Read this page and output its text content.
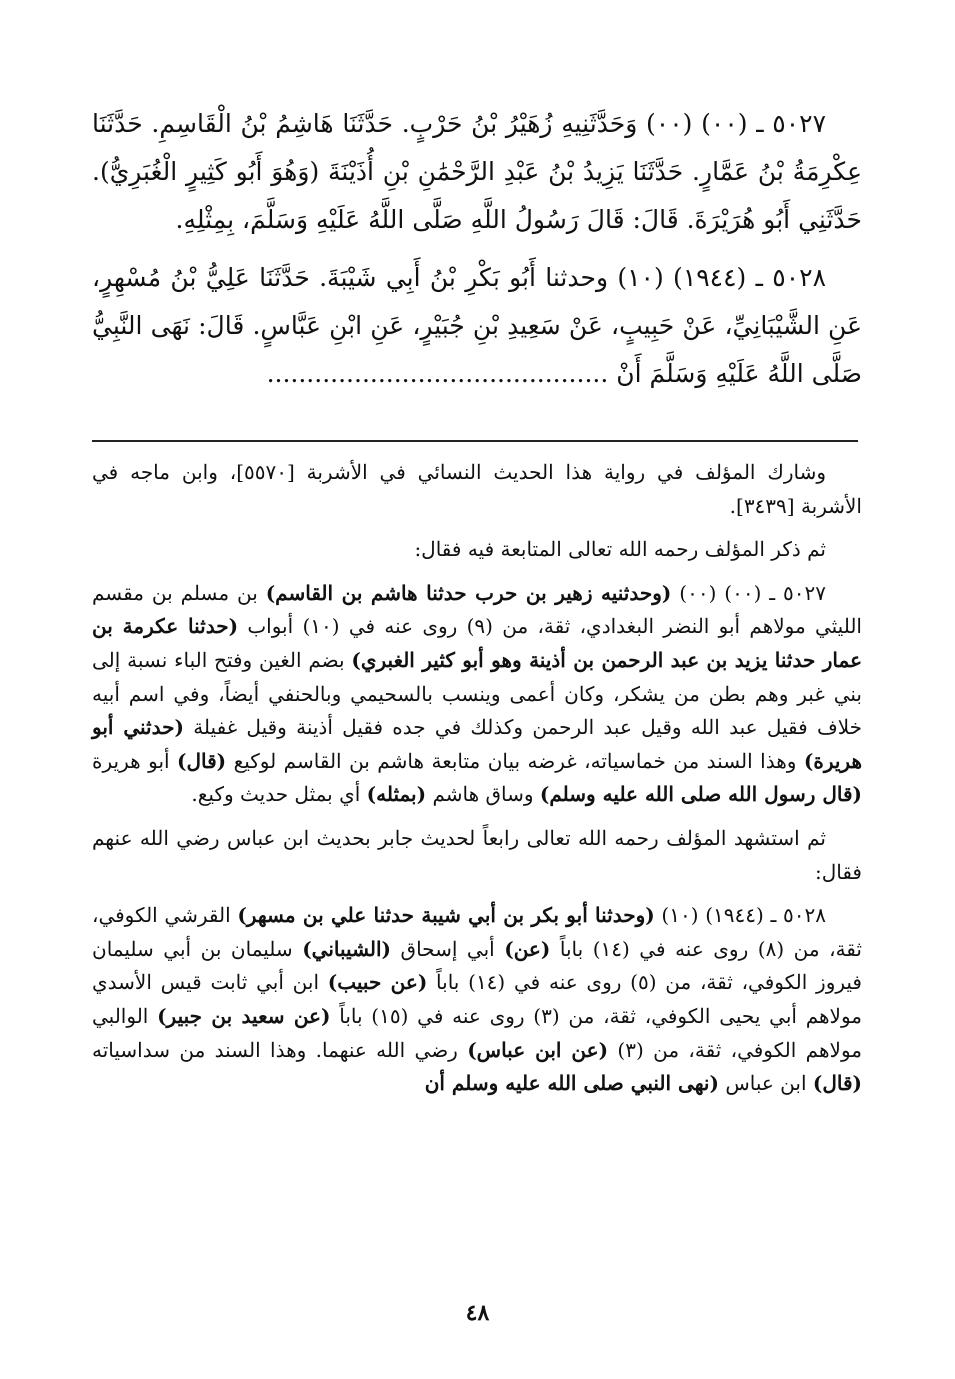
٥٠٢٧ ـ (٠٠) (٠٠) وَحَدَّثَنِيهِ زُهَيْرُ بْنُ حَرْبٍ. حَدَّثَنَا هَاشِمُ بْنُ الْقَاسِمِ. حَدَّثَنَا عِكْرِمَةُ بْنُ عَمَّارٍ. حَدَّثَنَا يَزِيدُ بْنُ عَبْدِ الرَّحْمَٰنِ بْنِ أُذَيْنَةَ (وَهُوَ أَبُو كَثِيرٍ الْغُبَرِيُّ). حَدَّثَنِي أَبُو هُرَيْرَةَ. قَالَ: قَالَ رَسُولُ اللَّهِ صَلَّى اللَّهُ عَلَيْهِ وَسَلَّمَ، بِمِثْلِهِ.

٥٠٢٨ ـ (١٩٤٤) (١٠) وحدثنا أَبُو بَكْرِ بْنُ أَبِي شَيْبَةَ. حَدَّثَنَا عَلِيُّ بْنُ مُسْهِرٍ، عَنِ الشَّيْبَانِيِّ، عَنْ حَبِيبٍ، عَنْ سَعِيدِ بْنِ جُبَيْرٍ، عَنِ ابْنِ عَبَّاسٍ. قَالَ: نَهَى النَّبِيُّ صَلَّى اللَّهُ عَلَيْهِ وَسَلَّمَ أَنْ ...........................................

وشارك المؤلف في رواية هذا الحديث النسائي في الأشربة [٥٥٧٠]، وابن ماجه في الأشربة [٣٤٣٩].

ثم ذكر المؤلف رحمه الله تعالى المتابعة فيه فقال:

٥٠٢٧ ـ (٠٠) (٠٠) (وحدثنيه زهير بن حرب حدثنا هاشم بن القاسم) بن مسلم بن مقسم الليثي مولاهم أبو النضر البغدادي، ثقة، من (٩) روى عنه في (١٠) أبواب (حدثنا عكرمة بن عمار حدثنا يزيد بن عبد الرحمن بن أذينة وهو أبو كثير الغبري) بضم الغين وفتح الباء نسبة إلى بني غبر وهم بطن من يشكر، وكان أعمى وينسب بالسحيمي وبالحنفي أيضاً، وفي اسم أبيه خلاف فقيل عبد الله وقيل عبد الرحمن وكذلك في جده فقيل أذينة وقيل غفيلة (حدثني أبو هريرة) وهذا السند من خماسياته، غرضه بيان متابعة هاشم بن القاسم لوكيع (قال) أبو هريرة (قال رسول الله صلى الله عليه وسلم) وساق هاشم (بمثله) أي بمثل حديث وكيع.

ثم استشهد المؤلف رحمه الله تعالى رابعاً لحديث جابر بحديث ابن عباس رضي الله عنهم فقال:

٥٠٢٨ ـ (١٩٤٤) (١٠) (وحدثنا أبو بكر بن أبي شيبة حدثنا علي بن مسهر) القرشي الكوفي، ثقة، من (٨) روى عنه في (١٤) باباً (عن) أبي إسحاق (الشيباني) سليمان بن أبي سليمان فيروز الكوفي، ثقة، من (٥) روى عنه في (١٤) باباً (عن حبيب) ابن أبي ثابت قيس الأسدي مولاهم أبي يحيى الكوفي، ثقة، من (٣) روى عنه في (١٥) باباً (عن سعيد بن جبير) الوالبي مولاهم الكوفي، ثقة، من (٣) (عن ابن عباس) رضي الله عنهما. وهذا السند من سداسياته (قال) ابن عباس (نهى النبي صلى الله عليه وسلم أن

٤٨
